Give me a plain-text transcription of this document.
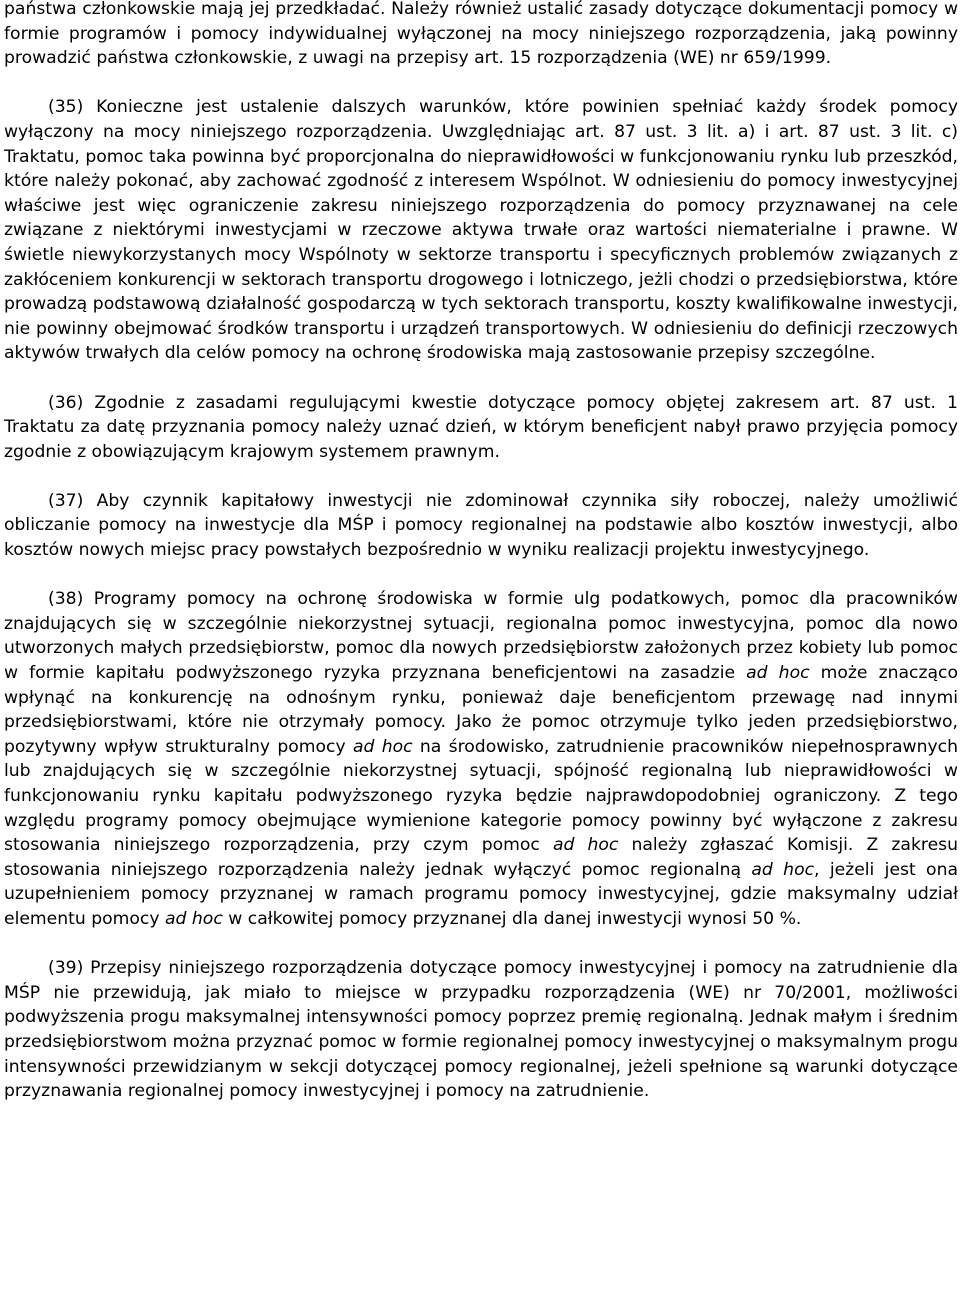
państwa członkowskie mają jej przedkładać. Należy również ustalić zasady dotyczące dokumentacji pomocy w formie programów i pomocy indywidualnej wyłączonej na mocy niniejszego rozporządzenia, jaką powinny prowadzić państwa członkowskie, z uwagi na przepisy art. 15 rozporządzenia (WE) nr 659/1999.

(35) Konieczne jest ustalenie dalszych warunków, które powinien spełniać każdy środek pomocy wyłączony na mocy niniejszego rozporządzenia. Uwzględniając art. 87 ust. 3 lit. a) i art. 87 ust. 3 lit. c) Traktatu, pomoc taka powinna być proporcjonalna do nieprawidłowości w funkcjonowaniu rynku lub przeszkód, które należy pokonać, aby zachować zgodność z interesem Wspólnot. W odniesieniu do pomocy inwestycyjnej właściwe jest więc ograniczenie zakresu niniejszego rozporządzenia do pomocy przyznawanej na cele związane z niektórymi inwestycjami w rzeczowe aktywa trwałe oraz wartości niematerialne i prawne. W świetle niewykorzystanych mocy Wspólnoty w sektorze transportu i specyficznych problemów związanych z zakłóceniem konkurencji w sektorach transportu drogowego i lotniczego, jeżli chodzi o przedsiębiorstwa, które prowadzą podstawową działalność gospodarczą w tych sektorach transportu, koszty kwalifikowalne inwestycji, nie powinny obejmować środków transportu i urządzeń transportowych. W odniesieniu do definicji rzeczowych aktywów trwałych dla celów pomocy na ochronę środowiska mają zastosowanie przepisy szczególne.

(36) Zgodnie z zasadami regulującymi kwestie dotyczące pomocy objętej zakresem art. 87 ust. 1 Traktatu za datę przyznania pomocy należy uznać dzień, w którym beneficjent nabył prawo przyjęcia pomocy zgodnie z obowiązującym krajowym systemem prawnym.

(37) Aby czynnik kapitałowy inwestycji nie zdominował czynnika siły roboczej, należy umożliwić obliczanie pomocy na inwestycje dla MŚP i pomocy regionalnej na podstawie albo kosztów inwestycji, albo kosztów nowych miejsc pracy powstałych bezpośrednio w wyniku realizacji projektu inwestycyjnego.

(38) Programy pomocy na ochronę środowiska w formie ulg podatkowych, pomoc dla pracowników znajdujących się w szczególnie niekorzystnej sytuacji, regionalna pomoc inwestycyjna, pomoc dla nowo utworzonych małych przedsiębiorstw, pomoc dla nowych przedsiębiorstw założonych przez kobiety lub pomoc w formie kapitału podwyższonego ryzyka przyznana beneficjentowi na zasadzie ad hoc może znacząco wpłynąć na konkurencję na odnośnym rynku, ponieważ daje beneficjentom przewagę nad innymi przedsiębiorstwami, które nie otrzymały pomocy. Jako że pomoc otrzymuje tylko jeden przedsiębiorstwo, pozytywny wpływ strukturalny pomocy ad hoc na środowisko, zatrudnienie pracowników niepełnosprawnych lub znajdujących się w szczególnie niekorzystnej sytuacji, spójność regionalną lub nieprawidłowości w funkcjonowaniu rynku kapitału podwyższonego ryzyka będzie najprawdopodobniej ograniczony. Z tego względu programy pomocy obejmujące wymienione kategorie pomocy powinny być wyłączone z zakresu stosowania niniejszego rozporządzenia, przy czym pomoc ad hoc należy zgłaszać Komisji. Z zakresu stosowania niniejszego rozporządzenia należy jednak wyłączyć pomoc regionalną ad hoc, jeżeli jest ona uzupełnieniem pomocy przyznanej w ramach programu pomocy inwestycyjnej, gdzie maksymalny udział elementu pomocy ad hoc w całkowitej pomocy przyznanej dla danej inwestycji wynosi 50 %.

(39) Przepisy niniejszego rozporządzenia dotyczące pomocy inwestycyjnej i pomocy na zatrudnienie dla MŚP nie przewidują, jak miało to miejsce w przypadku rozporządzenia (WE) nr 70/2001, możliwości podwyższenia progu maksymalnej intensywności pomocy poprzez premię regionalną. Jednak małym i średnim przedsiębiorstwom można przyznać pomoc w formie regionalnej pomocy inwestycyjnej o maksymalnym progu intensywności przewidzianym w sekcji dotyczącej pomocy regionalnej, jeżeli spełnione są warunki dotyczące przyznawania regionalnej pomocy inwestycyjnej i pomocy na zatrudnienie.
